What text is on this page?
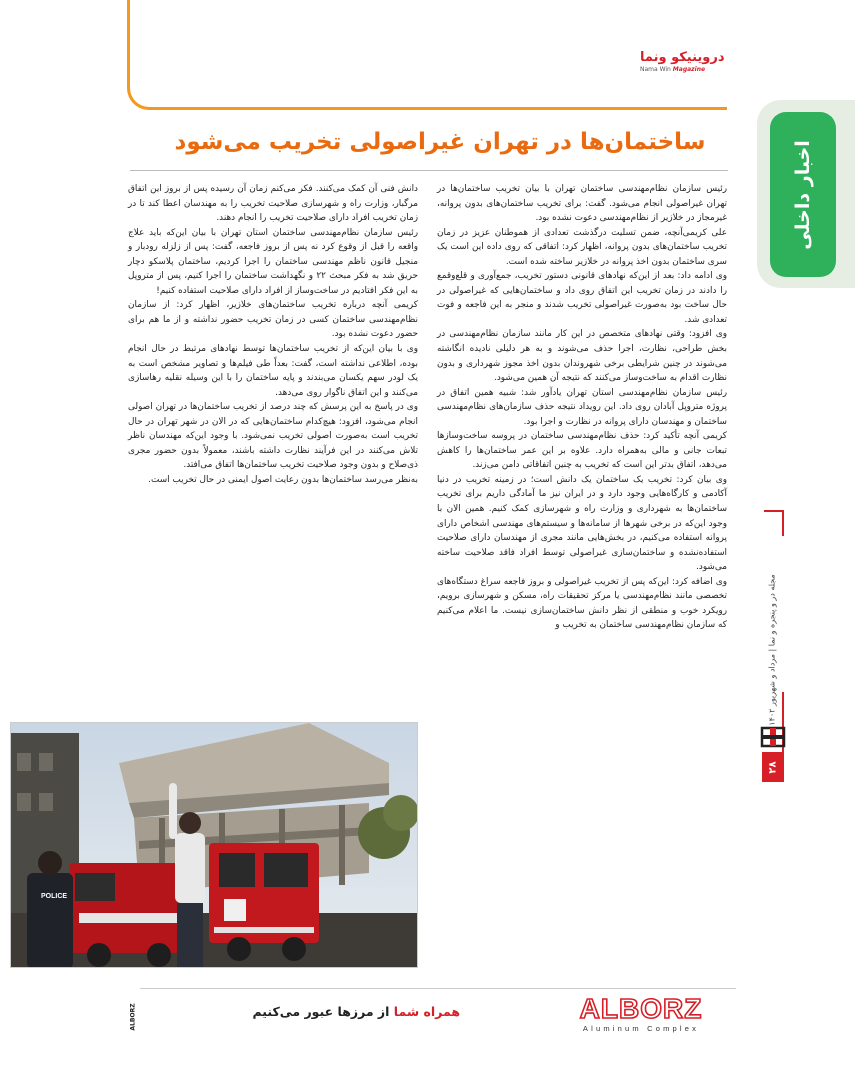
دروینیکو ونما
Nama Win Magazine
اخبار داخلی
ساختمان‌ها در تهران غیراصولی تخریب می‌شود

رئیس سازمان نظام‌مهندسی ساختمان تهران با بیان تخریب ساختمان‌ها در تهران غیراصولی انجام می‌شود. گفت: برای تخریب ساختمان‌های بدون پروانه، غیرمجاز در خلازیر از نظام‌مهندسی دعوت نشده بود.

علی کریمی‌آنچه، ضمن تسلیت درگذشت تعدادی از هموطنان عزیز در زمان تخریب ساختمان‌های بدون پروانه، اظهار کرد: اتفاقی که روی داده این است یک سری ساختمان بدون اخذ پروانه در خلازیر ساخته شده است.

وی ادامه داد: بعد از این‌که نهادهای قانونی دستور تخریب، جمع‌آوری و قلع‌وقمع را دادند در زمان تخریب این اتفاق روی داد و ساختمان‌هایی که غیراصولی در حال ساخت بود به‌صورت غیراصولی تخریب شدند و منجر به این فاجعه و فوت تعدادی شد.

وی افزود: وقتی نهادهای متخصص در این کار مانند سازمان نظام‌مهندسی در بخش طراحی، نظارت، اجرا حذف می‌شوند و به هر دلیلی نادیده انگاشته می‌شوند در چنین شرایطی برخی شهروندان بدون اخذ مجوز شهرداری و بدون نظارت اقدام به ساخت‌وساز می‌کنند که نتیجه آن همین می‌شود.

رئیس سازمان نظام‌مهندسی استان تهران یادآور شد: شبیه همین اتفاق در پروژه متروپل آبادان روی داد. این رویداد نتیجه حذف سازمان‌های نظام‌مهندسی ساختمان و مهندسان دارای پروانه در نظارت و اجرا بود.

کریمی آنچه تأکید کرد: حذف نظام‌مهندسی ساختمان در پروسه ساخت‌وسازها تبعات جانی و مالی به‌همراه دارد. علاوه بر این عمر ساختمان‌ها را کاهش می‌دهد، اتفاق بدتر این است که تخریب به چنین اتفاقاتی دامن می‌زند.

وی بیان کرد: تخریب یک ساختمان یک دانش است؛ در زمینه تخریب در دنیا آکادمی و کارگاه‌هایی وجود دارد و در ایران نیز ما آمادگی داریم برای تخریب ساختمان‌ها به شهرداری و وزارت راه و شهرسازی کمک کنیم. همین الان با وجود این‌که در برخی شهرها از سامانه‌ها و سیستم‌های مهندسی اشخاص دارای پروانه استفاده می‌کنیم، در بخش‌هایی مانند مجری از مهندسان دارای صلاحیت استفاده‌نشده و ساختمان‌سازی غیراصولی توسط افراد فاقد صلاحیت ساخته می‌شود.

وی اضافه کرد: این‌که پس از تخریب غیراصولی و بروز فاجعه سراغ دستگاه‌های تخصصی مانند نظام‌مهندسی یا مرکز تحقیقات راه، مسکن و شهرسازی برویم، رویکرد خوب و منطقی از نظر دانش ساختمان‌سازی نیست. ما اعلام می‌کنیم که سازمان نظام‌مهندسی ساختمان به تخریب و

دانش فنی آن کمک می‌کنند. فکر می‌کنم زمان آن رسیده پس از بروز این اتفاق مرگبار، وزارت راه و شهرسازی صلاحیت تخریب را به مهندسان اعطا کند تا در زمان تخریب افراد دارای صلاحیت تخریب را انجام دهند.

رئیس سازمان نظام‌مهندسی ساختمان استان تهران با بیان این‌که باید علاج واقعه را قبل از وقوع کرد نه پس از بروز فاجعه، گفت: پس از زلزله رودبار و منجیل قانون ناظم مهندسی ساختمان را اجرا کردیم، ساختمان پلاسکو دچار حریق شد به فکر مبحث ۲۲ و نگهداشت ساختمان را اجرا کنیم، پس از متروپل به این فکر افتادیم در ساخت‌وساز از افراد دارای صلاحیت استفاده کنیم!

کریمی آنچه درباره تخریب ساختمان‌های خلازیر، اظهار کرد: از سازمان نظام‌مهندسی ساختمان کسی در زمان تخریب حضور نداشته و از ما هم برای حضور دعوت نشده بود.

وی با بیان این‌که از تخریب ساختمان‌ها توسط نهادهای مرتبط در حال انجام بوده، اطلاعی نداشته است، گفت: بعداً طی فیلم‌ها و تصاویر مشخص است به یک لودر سهم یکسان می‌بندند و پایه ساختمان را با این وسیله نقلیه رهاسازی می‌کنند و این اتفاق ناگوار روی می‌دهد.

وی در پاسخ به این پرسش که چند درصد از تخریب ساختمان‌ها در تهران اصولی انجام می‌شود، افزود: هیچ‌کدام ساختمان‌هایی که در الان در شهر تهران در حال تخریب است به‌صورت اصولی تخریب نمی‌شود. با وجود این‌که مهندسان ناظر تلاش می‌کنند در این فرآیند نظارت داشته باشند، معمولاً بدون حضور مجری ذی‌صلاح و بدون وجود صلاحیت تخریب ساختمان‌ها اتفاق می‌افتد.

به‌نظر می‌رسد ساختمان‌ها بدون رعایت اصول ایمنی در حال تخریب است.

POLICE
مجله در و پنجره و نما | مرداد و شهریور ۱۴۰۲
۲۸
ALBORZ	همراه شما از مرزها عبور می‌کنیم	ALBORZ
Aluminum Complex
